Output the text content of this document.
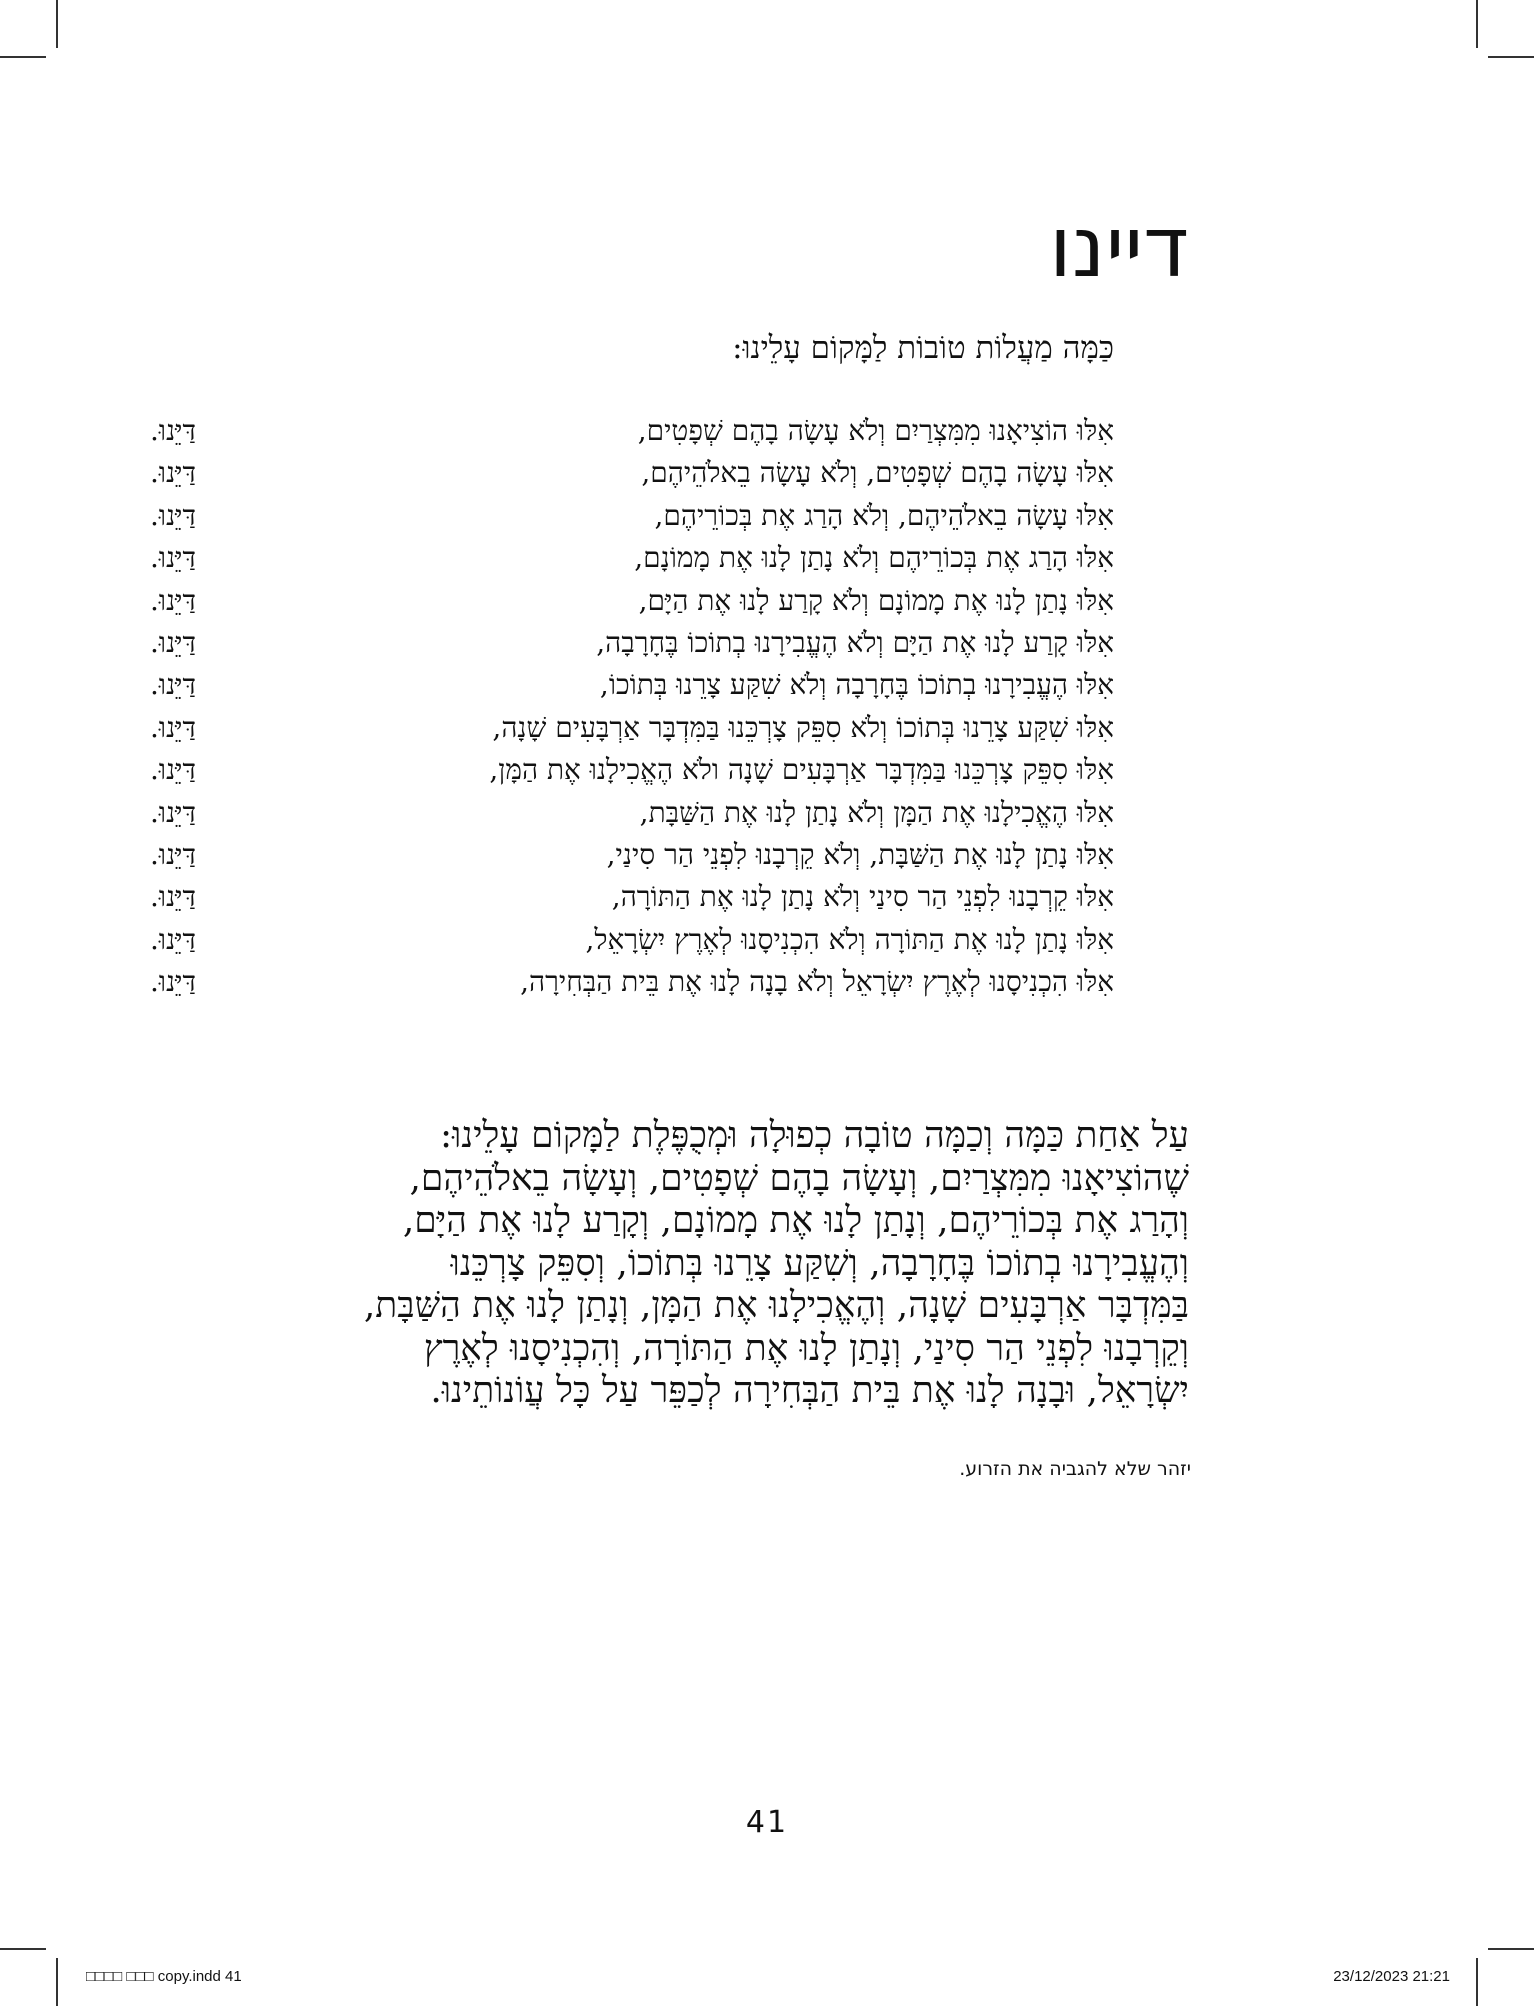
דיינו
כַּמָּה מַעֲלוֹת טוֹבוֹת לַמָּקוֹם עָלֵינוּ:
אִלּוּ הוֹצִיאָנוּ מִמִּצְרַיִם וְלֹא עָשָׂה בָהֶם שְׁפָטִים,
דַּיֵּנוּ.
אִלּוּ עָשָׂה בָהֶם שְׁפָטִים, וְלֹא עָשָׂה בֵאלֹהֵיהֶם,
דַּיֵּנוּ.
אִלּוּ עָשָׂה בֵאלֹהֵיהֶם, וְלֹא הָרַג אֶת בְּכוֹרֵיהֶם,
דַּיֵּנוּ.
אִלּוּ הָרַג אֶת בְּכוֹרֵיהֶם וְלֹא נָתַן לָנוּ אֶת מָמוֹנָם,
דַּיֵּנוּ.
אִלּוּ נָתַן לָנוּ אֶת מָמוֹנָם וְלֹא קָרַע לָנוּ אֶת הַיָּם,
דַּיֵּנוּ.
אִלּוּ קָרַע לָנוּ אֶת הַיָּם וְלֹא הֶעֱבִירָנוּ בְתוֹכוֹ בֶּחָרָבָה,
דַּיֵּנוּ.
אִלּוּ הֶעֱבִירָנוּ בְתוֹכוֹ בֶּחָרָבָה וְלֹא שִׁקַּע צָרֵנוּ בְּתוֹכוֹ,
דַּיֵּנוּ.
אִלּוּ שִׁקַּע צָרֵנוּ בְּתוֹכוֹ וְלֹא סִפֵּק צָרְכֵּנוּ בַּמִּדְבָּר אַרְבָּעִים שָׁנָה,
דַּיֵּנוּ.
אִלּוּ סִפֵּק צָרְכֵּנוּ בַּמִּדְבָּר אַרְבָּעִים שָׁנָה ולֹא הֶאֱכִילָנוּ אֶת הַמָּן,
דַּיֵּנוּ.
אִלּוּ הֶאֱכִילָנוּ אֶת הַמָּן וְלֹא נָתַן לָנוּ אֶת הַשַּׁבָּת,
דַּיֵּנוּ.
אִלּוּ נָתַן לָנוּ אֶת הַשַּׁבָּת, וְלֹא קֵרְבָנוּ לִפְנֵי הַר סִינַי,
דַּיֵּנוּ.
אִלּוּ קֵרְבָנוּ לִפְנֵי הַר סִינַי וְלֹא נָתַן לָנוּ אֶת הַתּוֹרָה,
דַּיֵּנוּ.
אִלּוּ נָתַן לָנוּ אֶת הַתּוֹרָה וְלֹא הִכְנִיסָנוּ לְאֶרֶץ יִשְׂרָאֵל,
דַּיֵּנוּ.
אִלּוּ הִכְנִיסָנוּ לְאֶרֶץ יִשְׂרָאֵל וְלֹא בָנָה לָנוּ אֶת בֵּית הַבְּחִירָה,
דַּיֵּנוּ.
עַל אַחַת כַּמָּה וְכַמָּה טוֹבָה כְפוּלָה וּמְכֻפֶּלֶת לַמָּקוֹם עָלֵינוּ:
שֶׁהוֹצִיאָנוּ מִמִּצְרַיִם, וְעָשָׂה בָהֶם שְׁפָטִים, וְעָשָׂה בֵאלֹהֵיהֶם,
וְהָרַג אֶת בְּכוֹרֵיהֶם, וְנָתַן לָנוּ אֶת מָמוֹנָם, וְקָרַע לָנוּ אֶת הַיָּם,
וְהֶעֱבִירָנוּ בְתוֹכוֹ בֶּחָרָבָה, וְשִׁקַּע צָרֵנוּ בְּתוֹכוֹ, וְסִפֵּק צָרְכֵּנוּ
בַּמִּדְבָּר אַרְבָּעִים שָׁנָה, וְהֶאֱכִילָנוּ אֶת הַמָּן, וְנָתַן לָנוּ אֶת הַשַּׁבָּת,
וְקֵרְבָנוּ לִפְנֵי הַר סִינַי, וְנָתַן לָנוּ אֶת הַתּוֹרָה, וְהִכְנִיסָנוּ לְאֶרֶץ
יִשְׂרָאֵל, וּבָנָה לָנוּ אֶת בֵּית הַבְּחִירָה לְכַפֵּר עַל כָּל עֲוֹנוֹתֵינוּ.
יזהר שלא להגביה את הזרוע.
41
□□□□ □□□ copy.indd 41	23/12/2023 21:21
